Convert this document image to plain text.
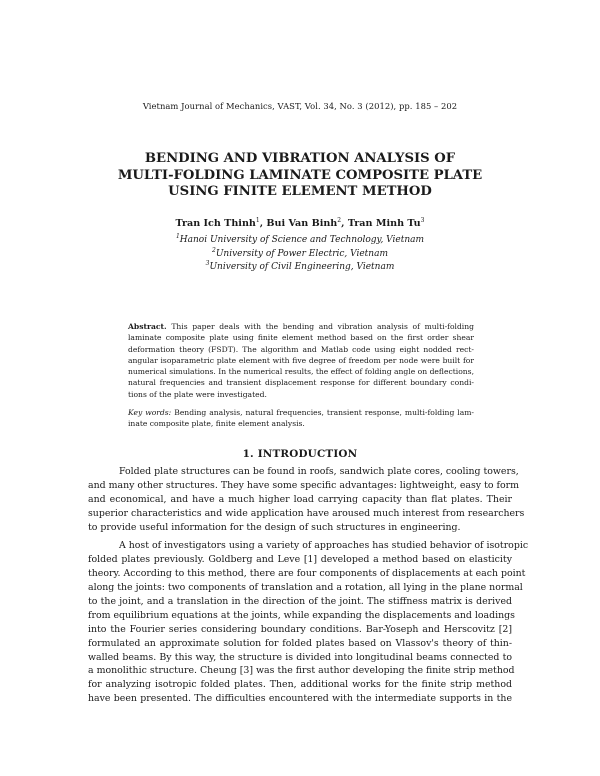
Vietnam Journal of Mechanics, VAST, Vol. 34, No. 3 (2012), pp. 185 – 202
BENDING AND VIBRATION ANALYSIS OF
MULTI-FOLDING LAMINATE COMPOSITE PLATE
USING FINITE ELEMENT METHOD
Tran Ich Thinh$^1$, Bui Van Binh$^2$, Tran Minh Tu$^3$
$^1$Hanoi University of Science and Technology, Vietnam
$^2$University of Power Electric, Vietnam
$^3$University of Civil Engineering, Vietnam
Abstract. This paper deals with the bending and vibration analysis of multi-folding
laminate composite plate using finite element method based on the first order shear
deformation theory (FSDT). The algorithm and Matlab code using eight nodded rect-
angular isoparametric plate element with five degree of freedom per node were built for
numerical simulations. In the numerical results, the effect of folding angle on deflections,
natural frequencies and transient displacement response for different boundary condi-
tions of the plate were investigated.
Key words: Bending analysis, natural frequencies, transient response, multi-folding lam-
inate composite plate, finite element analysis.
1. INTRODUCTION
Folded plate structures can be found in roofs, sandwich plate cores, cooling towers,
and many other structures. They have some specific advantages: lightweight, easy to form
and economical, and have a much higher load carrying capacity than flat plates. Their
superior characteristics and wide application have aroused much interest from researchers
to provide useful information for the design of such structures in engineering.
A host of investigators using a variety of approaches has studied behavior of isotropic
folded plates previously. Goldberg and Leve [1] developed a method based on elasticity
theory. According to this method, there are four components of displacements at each point
along the joints: two components of translation and a rotation, all lying in the plane normal
to the joint, and a translation in the direction of the joint. The stiffness matrix is derived
from equilibrium equations at the joints, while expanding the displacements and loadings
into the Fourier series considering boundary conditions. Bar-Yoseph and Herscovitz [2]
formulated an approximate solution for folded plates based on Vlassov's theory of thin-
walled beams. By this way, the structure is divided into longitudinal beams connected to
a monolithic structure. Cheung [3] was the first author developing the finite strip method
for analyzing isotropic folded plates. Then, additional works for the finite strip method
have been presented. The difficulties encountered with the intermediate supports in the
